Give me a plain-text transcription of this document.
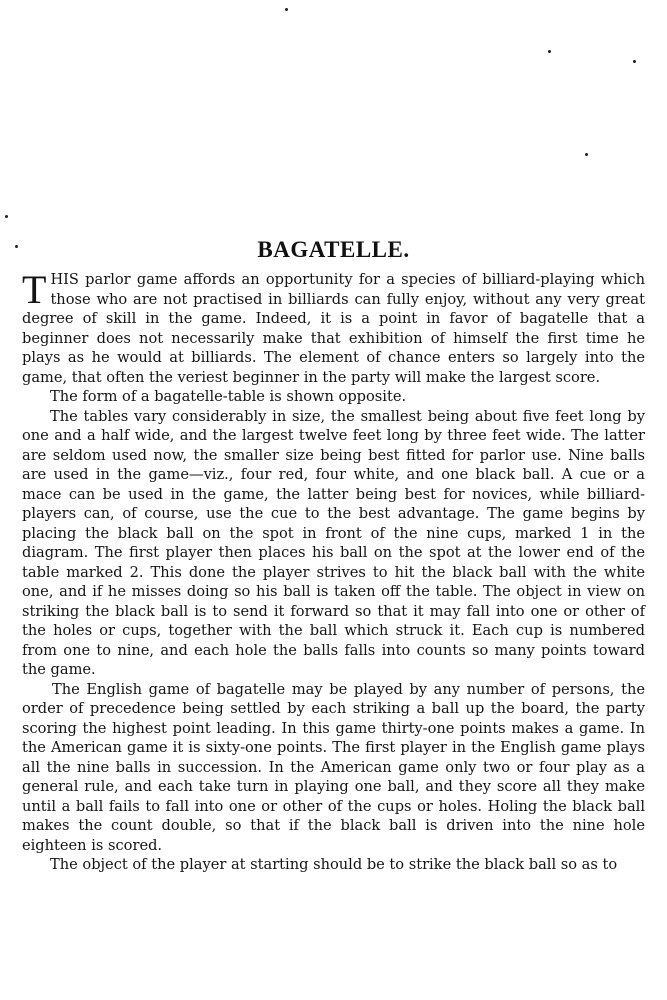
BAGATELLE.

THIS parlor game affords an opportunity for a species of billiard-playing which those who are not practised in billiards can fully enjoy, without any very great degree of skill in the game. Indeed, it is a point in favor of bagatelle that a beginner does not necessarily make that exhibition of himself the first time he plays as he would at billiards. The element of chance enters so largely into the game, that often the veriest beginner in the party will make the largest score.

The form of a bagatelle-table is shown opposite.

The tables vary considerably in size, the smallest being about five feet long by one and a half wide, and the largest twelve feet long by three feet wide. The latter are seldom used now, the smaller size being best fitted for parlor use. Nine balls are used in the game—viz., four red, four white, and one black ball. A cue or a mace can be used in the game, the latter being best for novices, while billiard-players can, of course, use the cue to the best advantage. The game begins by placing the black ball on the spot in front of the nine cups, marked 1 in the diagram. The first player then places his ball on the spot at the lower end of the table marked 2. This done the player strives to hit the black ball with the white one, and if he misses doing so his ball is taken off the table. The object in view on striking the black ball is to send it forward so that it may fall into one or other of the holes or cups, together with the ball which struck it. Each cup is numbered from one to nine, and each hole the balls falls into counts so many points toward the game.

The English game of bagatelle may be played by any number of persons, the order of precedence being settled by each striking a ball up the board, the party scoring the highest point leading. In this game thirty-one points makes a game. In the American game it is sixty-one points. The first player in the English game plays all the nine balls in succession. In the American game only two or four play as a general rule, and each take turn in playing one ball, and they score all they make until a ball fails to fall into one or other of the cups or holes. Holing the black ball makes the count double, so that if the black ball is driven into the nine hole eighteen is scored.

The object of the player at starting should be to strike the black ball so as to
